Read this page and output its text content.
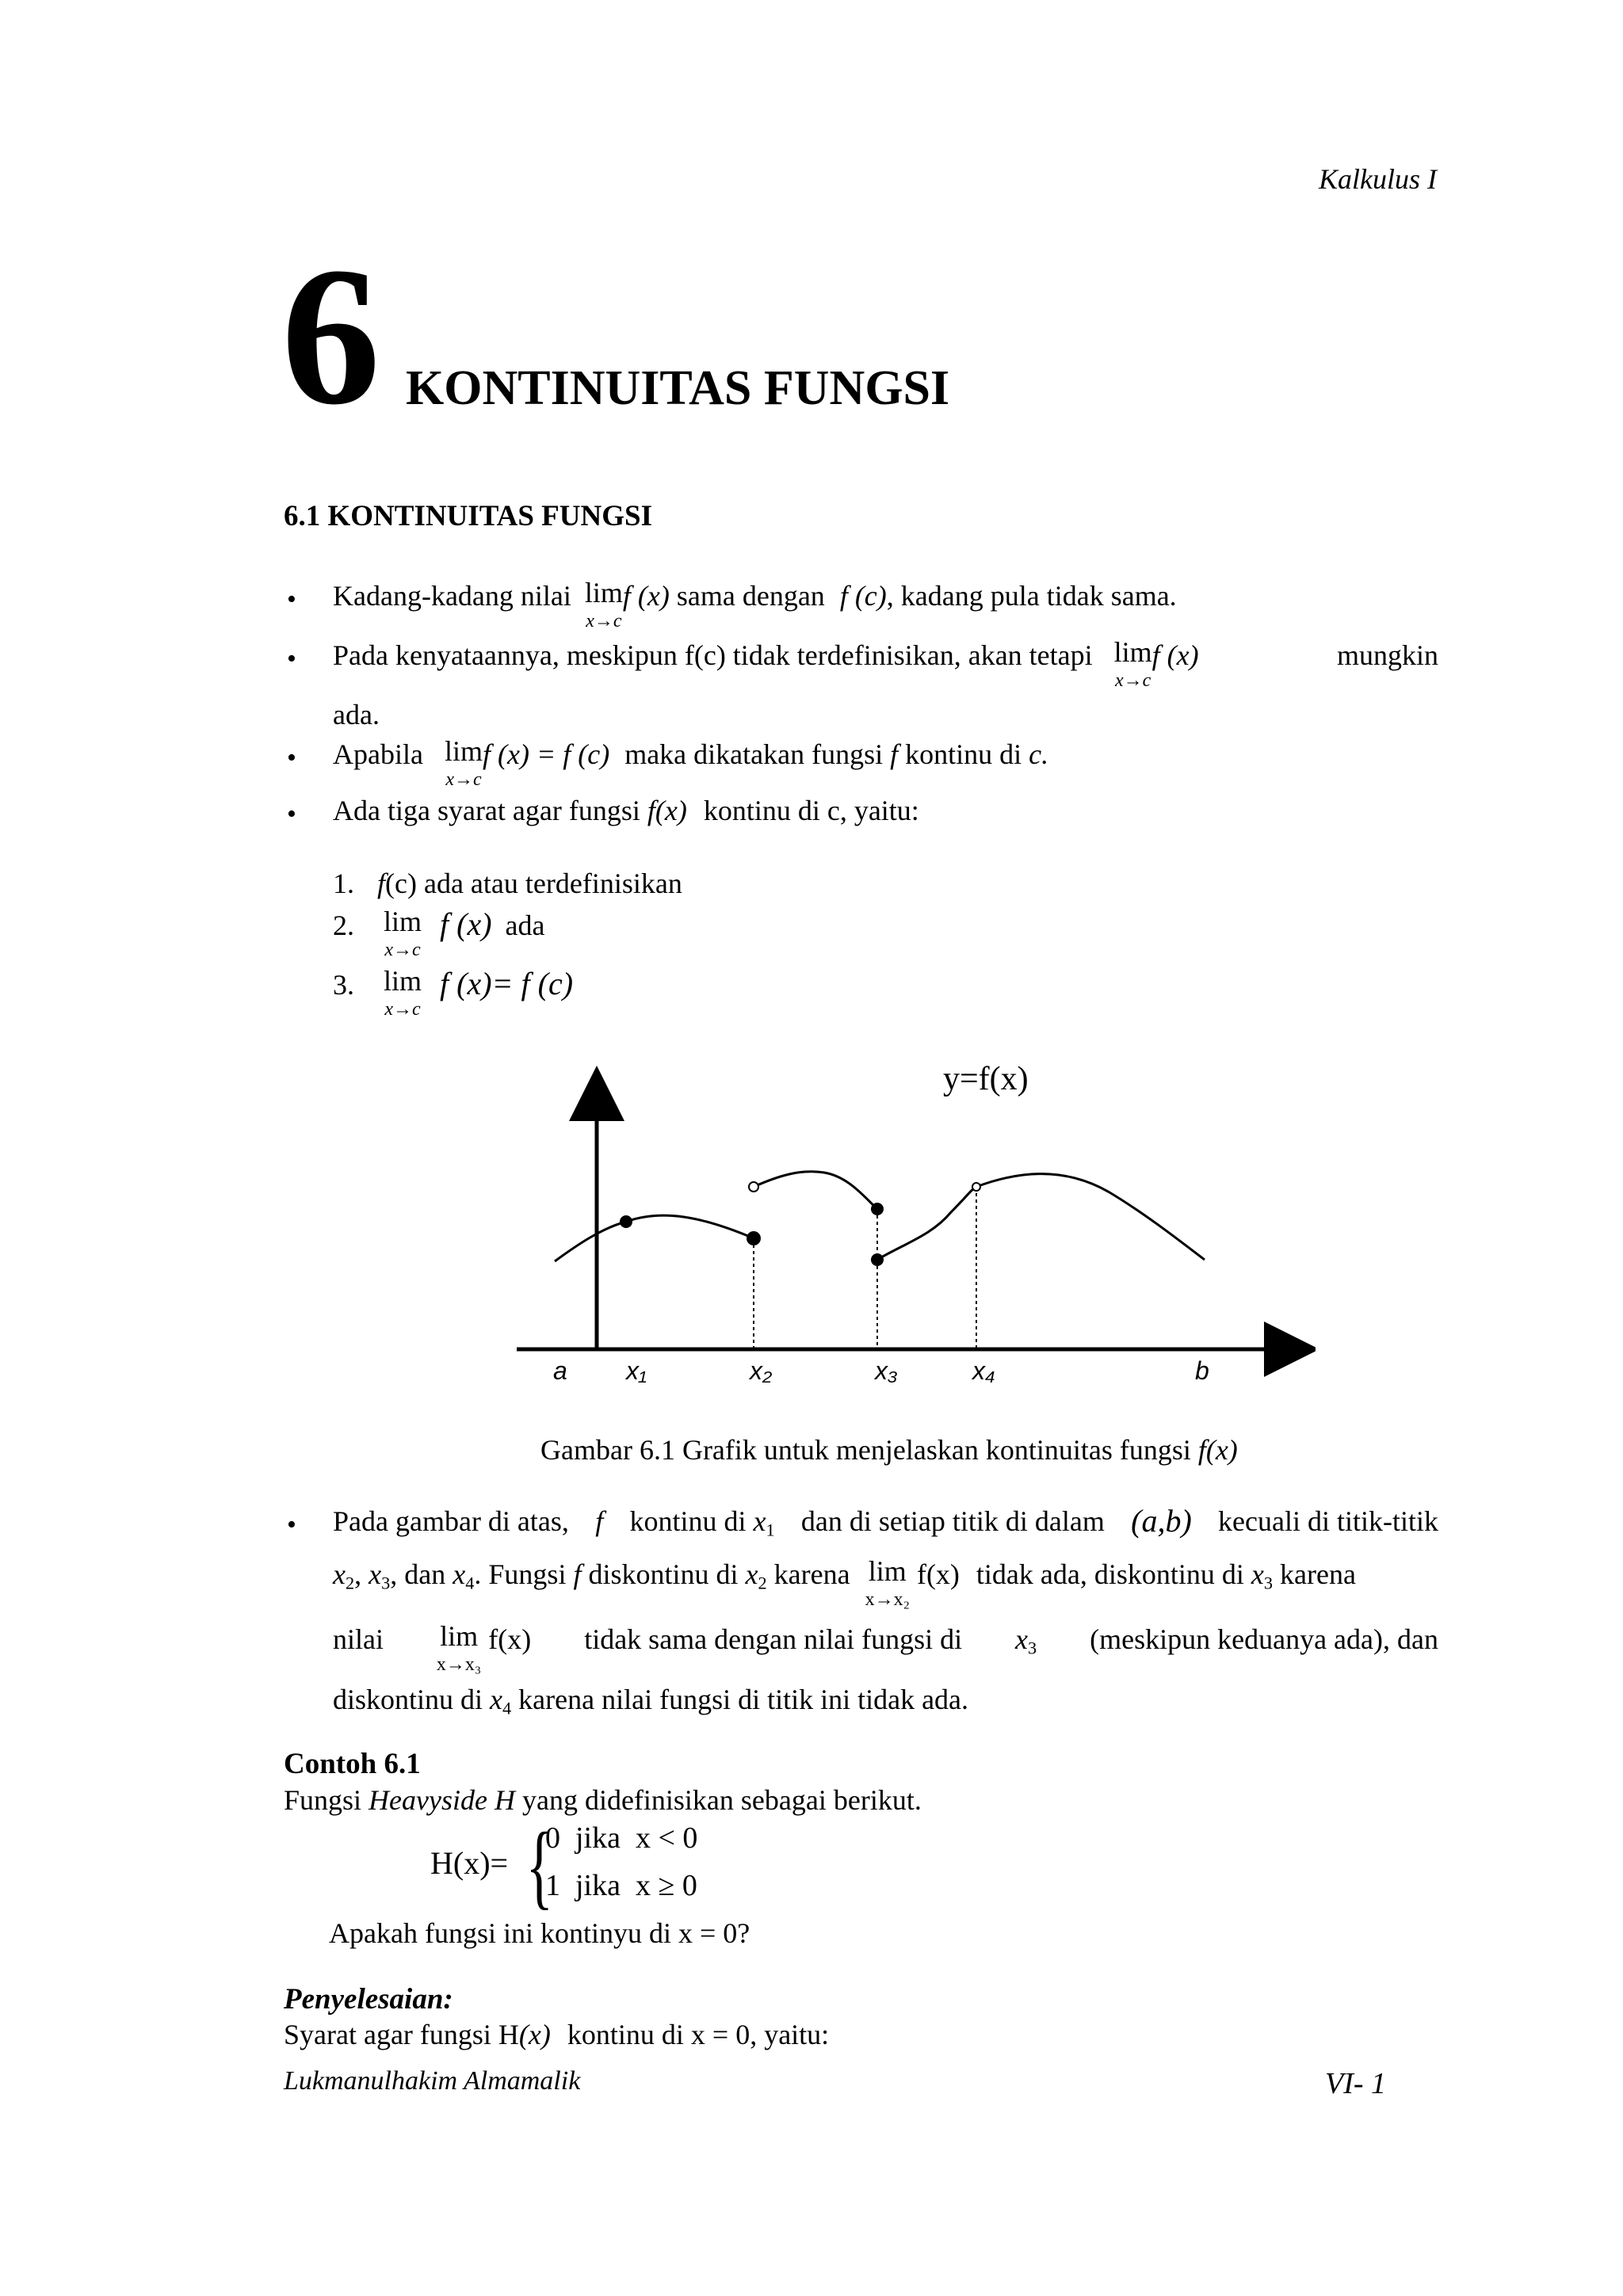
Kalkulus I
6 KONTINUITAS FUNGSI
6.1 KONTINUITAS FUNGSI
• Kadang-kadang nilai lim
x→c
f (x) sama dengan f (c), kadang pula tidak sama.
• Pada kenyataannya, meskipun f(c) tidak terdefinisikan, akan tetapi lim
x→c
f (x)	mungkin
ada.
• Apabila lim
x→c
f (x) = f (c) maka dikatakan fungsi f kontinu di c.
• Ada tiga syarat agar fungsi f(x) kontinu di c, yaitu:
1. f(c) ada atau terdefinisikan
2. lim
x→c
f (x) ada
3. lim
x→c
f (x)= f (c)
y=f(x)
a x₁	x₂	x₃	x₄	b
Gambar 6.1 Grafik untuk menjelaskan kontinuitas fungsi f(x)
• Pada gambar di atas, f kontinu di $x_1$ dan di setiap titik di dalam (a,b) kecuali di titik-titik
$x_2$, $x_3$, dan $x_4$. Fungsi f diskontinu di $x_2$ karena lim
x→x₂
f(x) tidak ada, diskontinu di $x_3$ karena
nilai lim
x→x₃
f(x) tidak sama dengan nilai fungsi di $x_3$ (meskipun keduanya ada), dan
diskontinu di $x_4$ karena nilai fungsi di titik ini tidak ada.
Contoh 6.1
Fungsi Heavyside H yang didefinisikan sebagai berikut.
H(x)= {
0  jika  x < 0
1  jika  x ≥ 0
Apakah fungsi ini kontinyu di x = 0?
Penyelesaian:
Syarat agar fungsi H(x) kontinu di x = 0, yaitu:
Lukmanulhakim Almamalik	VI- 1
